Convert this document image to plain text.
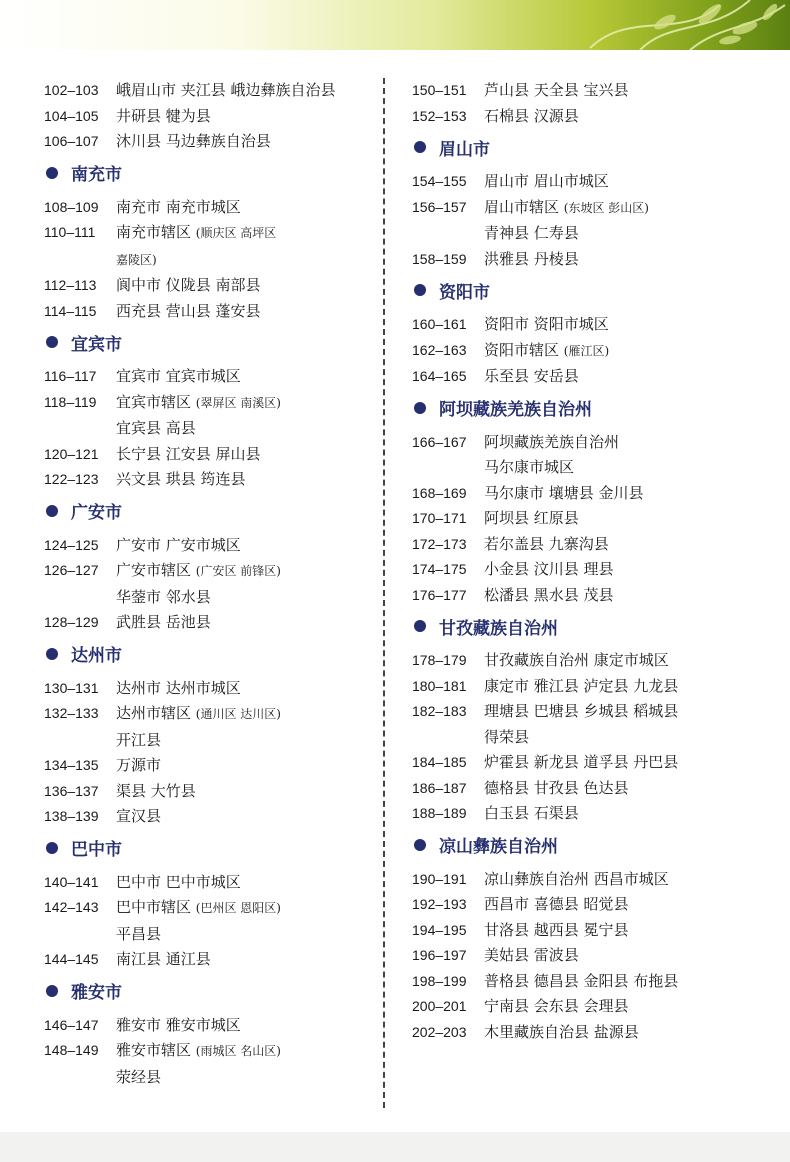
102–103	峨眉山市 夹江县 峨边彝族自治县
104–105	井研县 犍为县
106–107	沐川县 马边彝族自治县
南充市
108–109	南充市 南充市城区
110–111	南充市辖区 (顺庆区 高坪区
嘉陵区)
112–113	阆中市 仪陇县 南部县
114–115	西充县 营山县 蓬安县
宜宾市
116–117	宜宾市 宜宾市城区
118–119	宜宾市辖区 (翠屏区 南溪区)
宜宾县 高县
120–121	长宁县 江安县 屏山县
122–123	兴文县 珙县 筠连县
广安市
124–125	广安市 广安市城区
126–127	广安市辖区 (广安区 前锋区)
华蓥市 邻水县
128–129	武胜县 岳池县
达州市
130–131	达州市 达州市城区
132–133	达州市辖区 (通川区 达川区)
开江县
134–135	万源市
136–137	渠县 大竹县
138–139	宣汉县
巴中市
140–141	巴中市 巴中市城区
142–143	巴中市辖区 (巴州区 恩阳区)
平昌县
144–145	南江县 通江县
雅安市
146–147	雅安市 雅安市城区
148–149	雅安市辖区 (雨城区 名山区)
荥经县
150–151	芦山县 天全县 宝兴县
152–153	石棉县 汉源县
眉山市
154–155	眉山市 眉山市城区
156–157	眉山市辖区 (东坡区 彭山区)
青神县 仁寿县
158–159	洪雅县 丹棱县
资阳市
160–161	资阳市 资阳市城区
162–163	资阳市辖区 (雁江区)
164–165	乐至县 安岳县
阿坝藏族羌族自治州
166–167	阿坝藏族羌族自治州
马尔康市城区
168–169	马尔康市 壤塘县 金川县
170–171	阿坝县 红原县
172–173	若尔盖县 九寨沟县
174–175	小金县 汶川县 理县
176–177	松潘县 黑水县 茂县
甘孜藏族自治州
178–179	甘孜藏族自治州 康定市城区
180–181	康定市 雅江县 泸定县 九龙县
182–183	理塘县 巴塘县 乡城县 稻城县
得荣县
184–185	炉霍县 新龙县 道孚县 丹巴县
186–187	德格县 甘孜县 色达县
188–189	白玉县 石渠县
凉山彝族自治州
190–191	凉山彝族自治州 西昌市城区
192–193	西昌市 喜德县 昭觉县
194–195	甘洛县 越西县 冕宁县
196–197	美姑县 雷波县
198–199	普格县 德昌县 金阳县 布拖县
200–201	宁南县 会东县 会理县
202–203	木里藏族自治县 盐源县
